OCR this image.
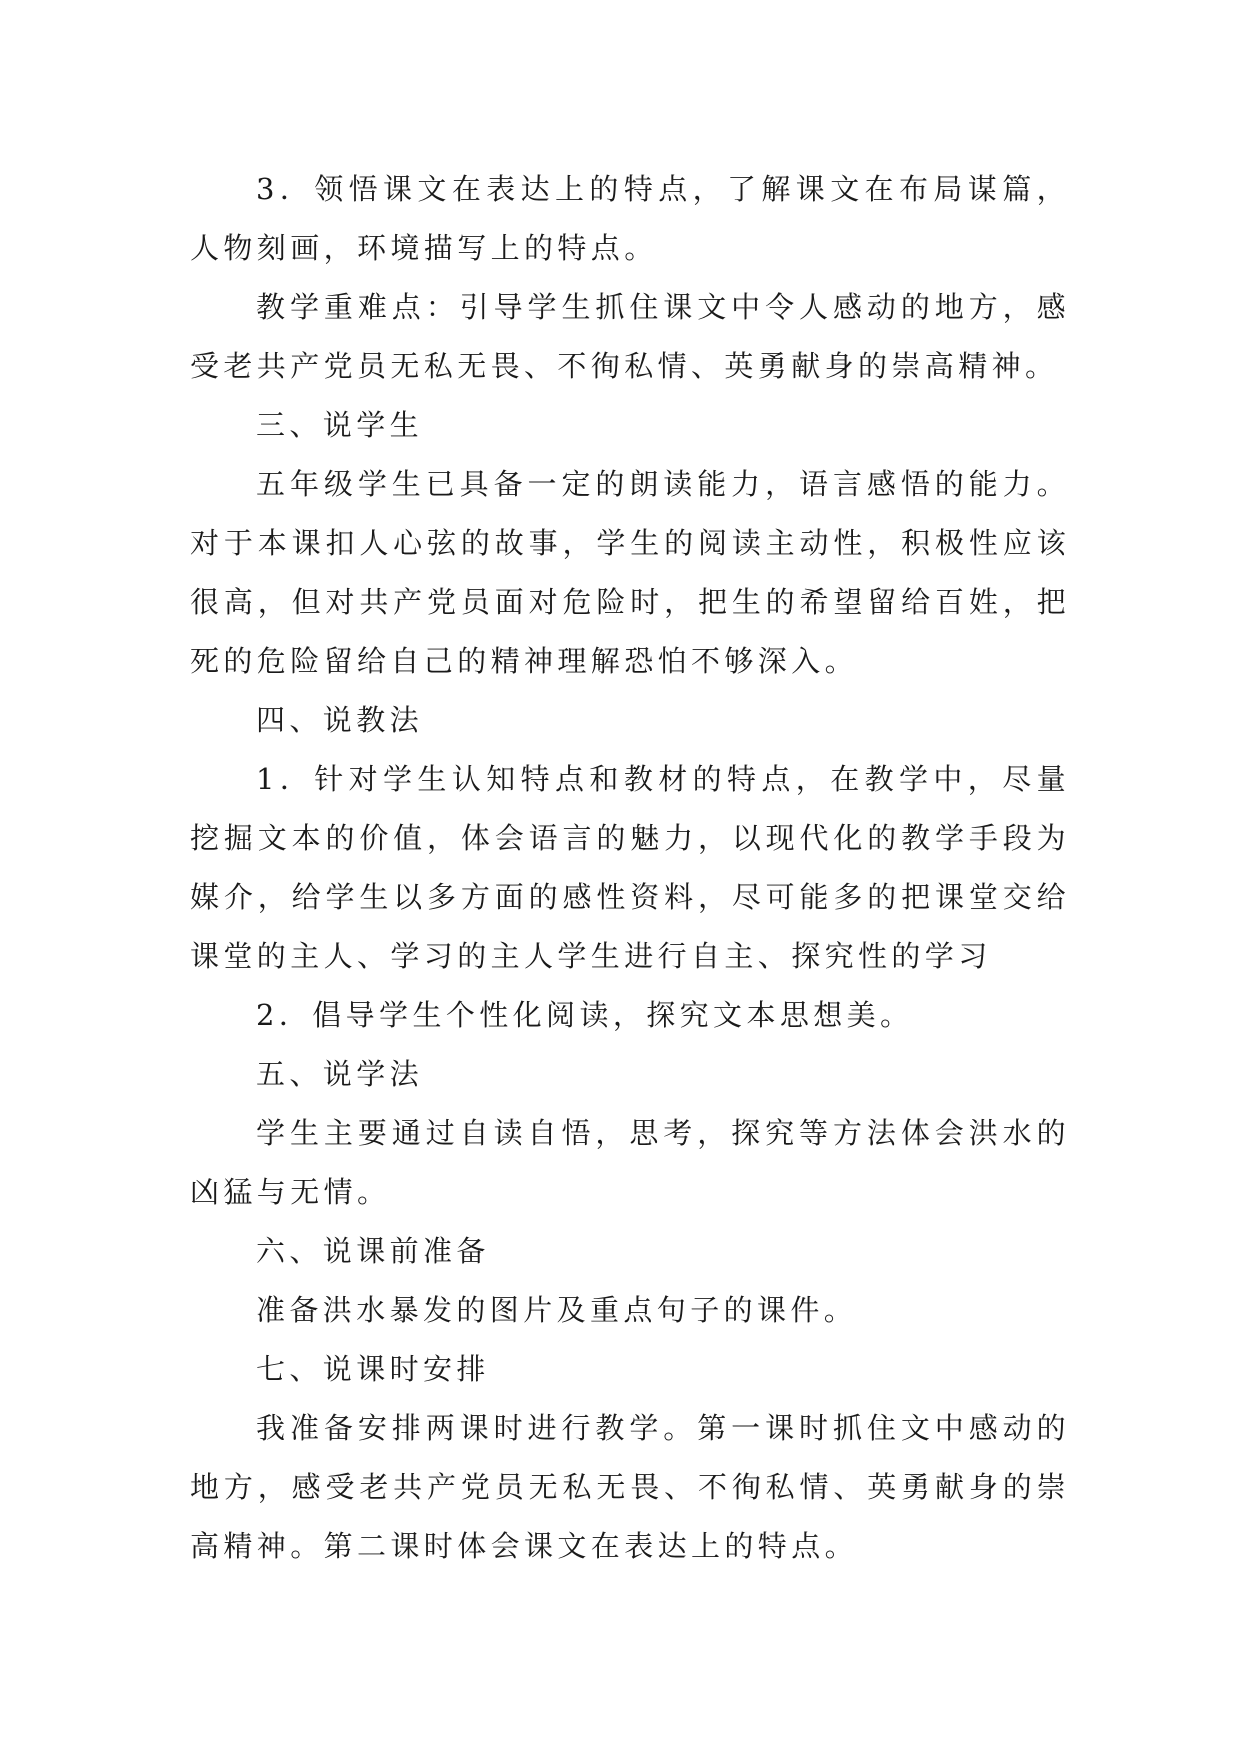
3．领悟课文在表达上的特点，了解课文在布局谋篇，人物刻画，环境描写上的特点。

教学重难点：引导学生抓住课文中令人感动的地方，感受老共产党员无私无畏、不徇私情、英勇献身的崇高精神。

三、说学生

五年级学生已具备一定的朗读能力，语言感悟的能力。对于本课扣人心弦的故事，学生的阅读主动性，积极性应该很高，但对共产党员面对危险时，把生的希望留给百姓，把死的危险留给自己的精神理解恐怕不够深入。

四、说教法

1．针对学生认知特点和教材的特点，在教学中，尽量挖掘文本的价值，体会语言的魅力，以现代化的教学手段为媒介，给学生以多方面的感性资料，尽可能多的把课堂交给课堂的主人、学习的主人学生进行自主、探究性的学习

2．倡导学生个性化阅读，探究文本思想美。

五、说学法

学生主要通过自读自悟，思考，探究等方法体会洪水的凶猛与无情。

六、说课前准备

准备洪水暴发的图片及重点句子的课件。

七、说课时安排

我准备安排两课时进行教学。第一课时抓住文中感动的地方，感受老共产党员无私无畏、不徇私情、英勇献身的崇高精神。第二课时体会课文在表达上的特点。
